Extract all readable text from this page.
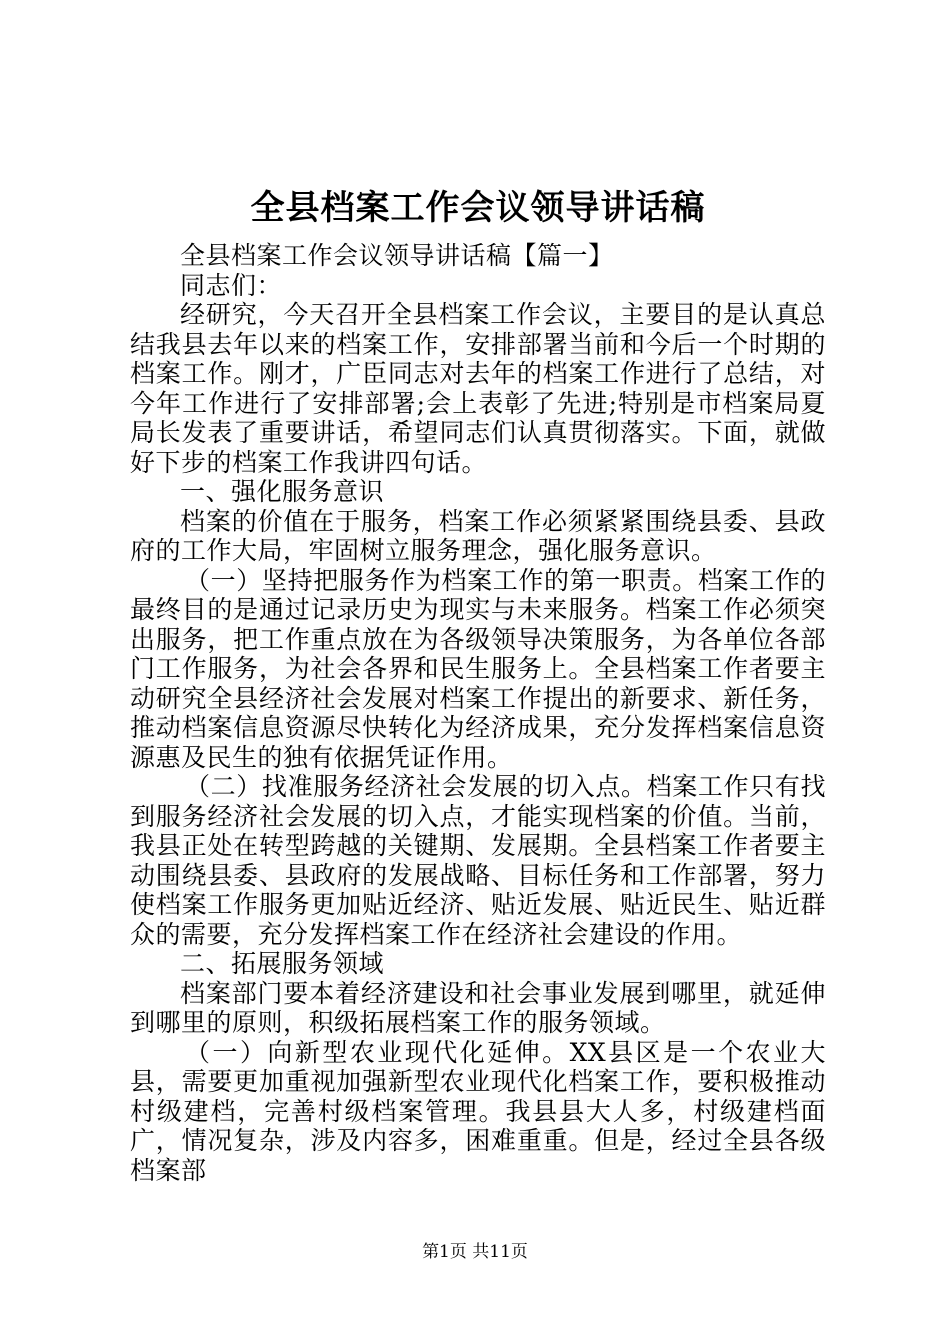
全县档案工作会议领导讲话稿

全县档案工作会议领导讲话稿【篇一】

同志们：

经研究，今天召开全县档案工作会议，主要目的是认真总结我县去年以来的档案工作，安排部署当前和今后一个时期的档案工作。刚才，广臣同志对去年的档案工作进行了总结，对今年工作进行了安排部署;会上表彰了先进;特别是市档案局夏局长发表了重要讲话，希望同志们认真贯彻落实。下面，就做好下步的档案工作我讲四句话。

一、强化服务意识

档案的价值在于服务，档案工作必须紧紧围绕县委、县政府的工作大局，牢固树立服务理念，强化服务意识。

（一）坚持把服务作为档案工作的第一职责。档案工作的最终目的是通过记录历史为现实与未来服务。档案工作必须突出服务，把工作重点放在为各级领导决策服务，为各单位各部门工作服务，为社会各界和民生服务上。全县档案工作者要主动研究全县经济社会发展对档案工作提出的新要求、新任务，推动档案信息资源尽快转化为经济成果，充分发挥档案信息资源惠及民生的独有依据凭证作用。

（二）找准服务经济社会发展的切入点。档案工作只有找到服务经济社会发展的切入点，才能实现档案的价值。当前，我县正处在转型跨越的关键期、发展期。全县档案工作者要主动围绕县委、县政府的发展战略、目标任务和工作部署，努力使档案工作服务更加贴近经济、贴近发展、贴近民生、贴近群众的需要，充分发挥档案工作在经济社会建设的作用。

二、拓展服务领域

档案部门要本着经济建设和社会事业发展到哪里，就延伸到哪里的原则，积级拓展档案工作的服务领域。

（一）向新型农业现代化延伸。XX县区是一个农业大县，需要更加重视加强新型农业现代化档案工作，要积极推动村级建档，完善村级档案管理。我县县大人多，村级建档面广，情况复杂，涉及内容多，困难重重。但是，经过全县各级档案部

第1页 共11页
